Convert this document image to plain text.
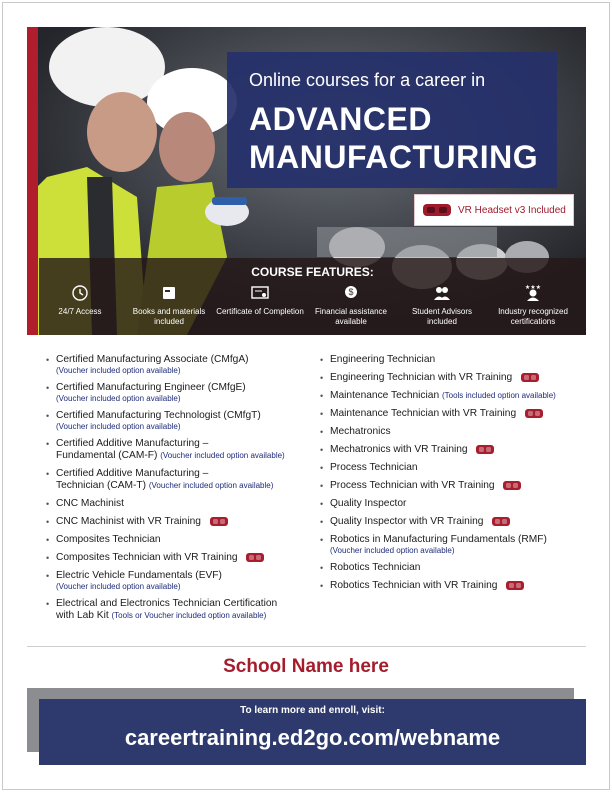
Online courses for a career in
ADVANCED
MANUFACTURING
VR Headset v3 Included
COURSE FEATURES:
24/7 Access	Books and materials included
Certificate of Completion
$
Financial assistance available
Student Advisors included
★★★
Industry recognized certifications
• Certified Manufacturing Associate (CMfgA)
(Voucher included option available)
• Certified Manufacturing Engineer (CMfgE)
(Voucher included option available)
• Certified Manufacturing Technologist (CMfgT)
(Voucher included option available)
• Certified Additive Manufacturing –
Fundamental (CAM-F) (Voucher included option available)
• Certified Additive Manufacturing –
Technician (CAM-T) (Voucher included option available)
• CNC Machinist
• CNC Machinist with VR Training
• Composites Technician
• Composites Technician with VR Training
• Electric Vehicle Fundamentals (EVF)
(Voucher included option available)
• Electrical and Electronics Technician Certification
with Lab Kit (Tools or Voucher included option available)
• Engineering Technician
• Engineering Technician with VR Training
• Maintenance Technician (Tools included option available)
• Maintenance Technician with VR Training
• Mechatronics
• Mechatronics with VR Training
• Process Technician
• Process Technician with VR Training
• Quality Inspector
• Quality Inspector with VR Training
• Robotics in Manufacturing Fundamentals (RMF)
(Voucher included option available)
• Robotics Technician
• Robotics Technician with VR Training
School Name here
To learn more and enroll, visit:
careertraining.ed2go.com/webname
